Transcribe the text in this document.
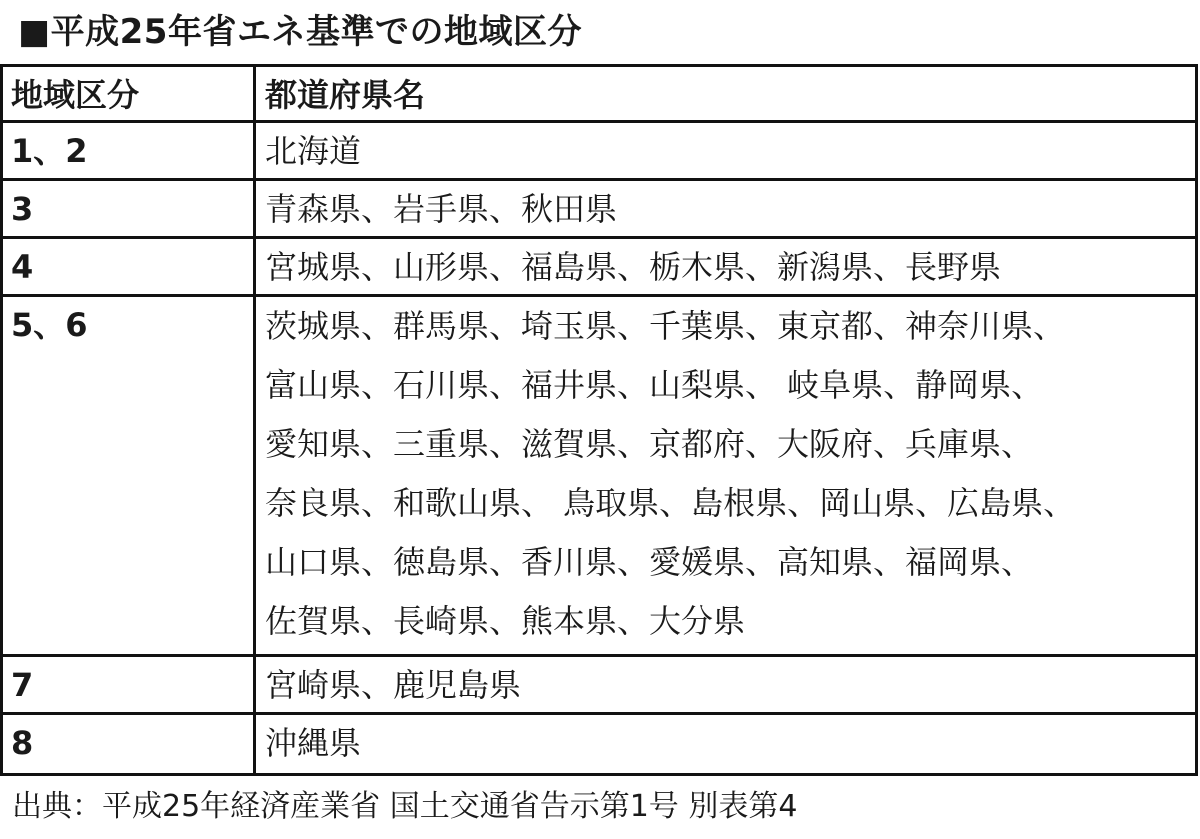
■平成25年省エネ基準での地域区分
地域区分	都道府県名
1、2	北海道
3	青森県、岩手県、秋田県
4	宮城県、山形県、福島県、栃木県、新潟県、長野県
5、6	茨城県、群馬県、埼玉県、千葉県、東京都、神奈川県、
富山県、石川県、福井県、山梨県、 岐阜県、静岡県、
愛知県、三重県、滋賀県、京都府、大阪府、兵庫県、
奈良県、和歌山県、 鳥取県、島根県、岡山県、広島県、
山口県、徳島県、香川県、愛媛県、高知県、福岡県、
佐賀県、長崎県、熊本県、大分県
7	宮崎県、鹿児島県
8	沖縄県
出典：平成25年経済産業省 国土交通省告示第1号 別表第4
